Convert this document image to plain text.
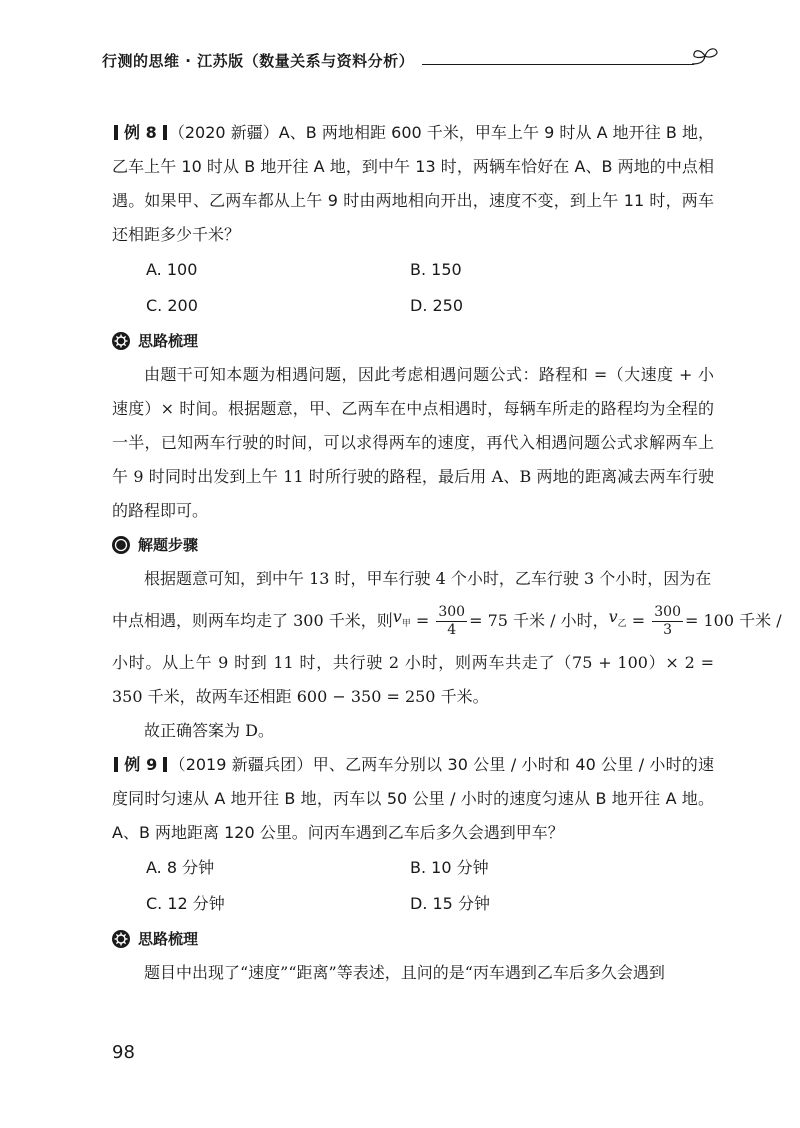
行测的思维 · 江苏版（数量关系与资料分析）

例 8 （2020 新疆）A、B 两地相距 600 千米，甲车上午 9 时从 A 地开往 B 地，乙车上午 10 时从 B 地开往 A 地，到中午 13 时，两辆车恰好在 A、B 两地的中点相遇。如果甲、乙两车都从上午 9 时由两地相向开出，速度不变，到上午 11 时，两车还相距多少千米？

A. 100	B. 150
C. 200	D. 250
思路梳理

由题干可知本题为相遇问题，因此考虑相遇问题公式：路程和 =（大速度 + 小速度）× 时间。根据题意，甲、乙两车在中点相遇时，每辆车所走的路程均为全程的一半，已知两车行驶的时间，可以求得两车的速度，再代入相遇问题公式求解两车上午 9 时同时出发到上午 11 时所行驶的路程，最后用 A、B 两地的距离减去两车行驶的路程即可。

解题步骤

根据题意可知，到中午 13 时，甲车行驶 4 个小时，乙车行驶 3 个小时，因为在

中点相遇，则两车均走了 300 千米，则 $v_甲 = \frac{300}{4} = 75$ 千米 / 小时， $v_乙 = \frac{300}{3} = 100$ 千米 /

小时。从上午 9 时到 11 时，共行驶 2 小时，则两车共走了（75 + 100）× 2 = 350 千米，故两车还相距 600 − 350 = 250 千米。

故正确答案为 D。

例 9 （2019 新疆兵团）甲、乙两车分别以 30 公里 / 小时和 40 公里 / 小时的速度同时匀速从 A 地开往 B 地，丙车以 50 公里 / 小时的速度匀速从 B 地开往 A 地。A、B 两地距离 120 公里。问丙车遇到乙车后多久会遇到甲车？

A. 8 分钟	B. 10 分钟
C. 12 分钟	D. 15 分钟
思路梳理

题目中出现了“速度”“距离”等表述，且问的是“丙车遇到乙车后多久会遇到

98
